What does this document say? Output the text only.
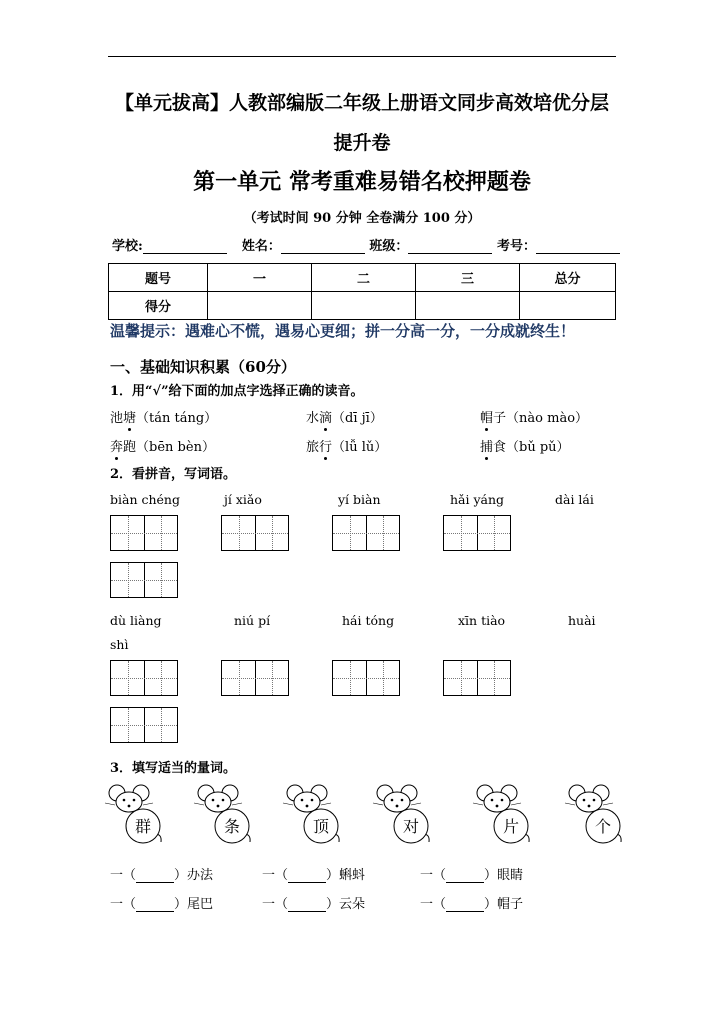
【单元拔高】人教部编版二年级上册语文同步高效培优分层
提升卷
第一单元 常考重难易错名校押题卷
（考试时间 90 分钟 全卷满分 100 分）
学校:	姓名：	班级：	考号：
题号	一	二	三	总分
得分				
温馨提示：遇难心不慌，遇易心更细；拼一分高一分，一分成就终生！
一、基础知识积累（60分）
1．用“√”给下面的加点字选择正确的读音。
池塘（tán táng）	水滴（dī jī）	帽子（nào mào）
奔跑（bēn bèn）	旅行（lǚ lǔ）	捕食（bǔ pǔ）
2．看拼音，写词语。
biàn chéng	jí xiǎo	yí biàn	hǎi yáng	dài lái
dù liàng	niú pí	hái tóng	xīn tiào	huài
shì
3．填写适当的量词。
群	条	顶	对	片	个
一（	）办法	一（	）蝌蚪	一（	）眼睛
一（	）尾巴	一（	）云朵	一（	）帽子
